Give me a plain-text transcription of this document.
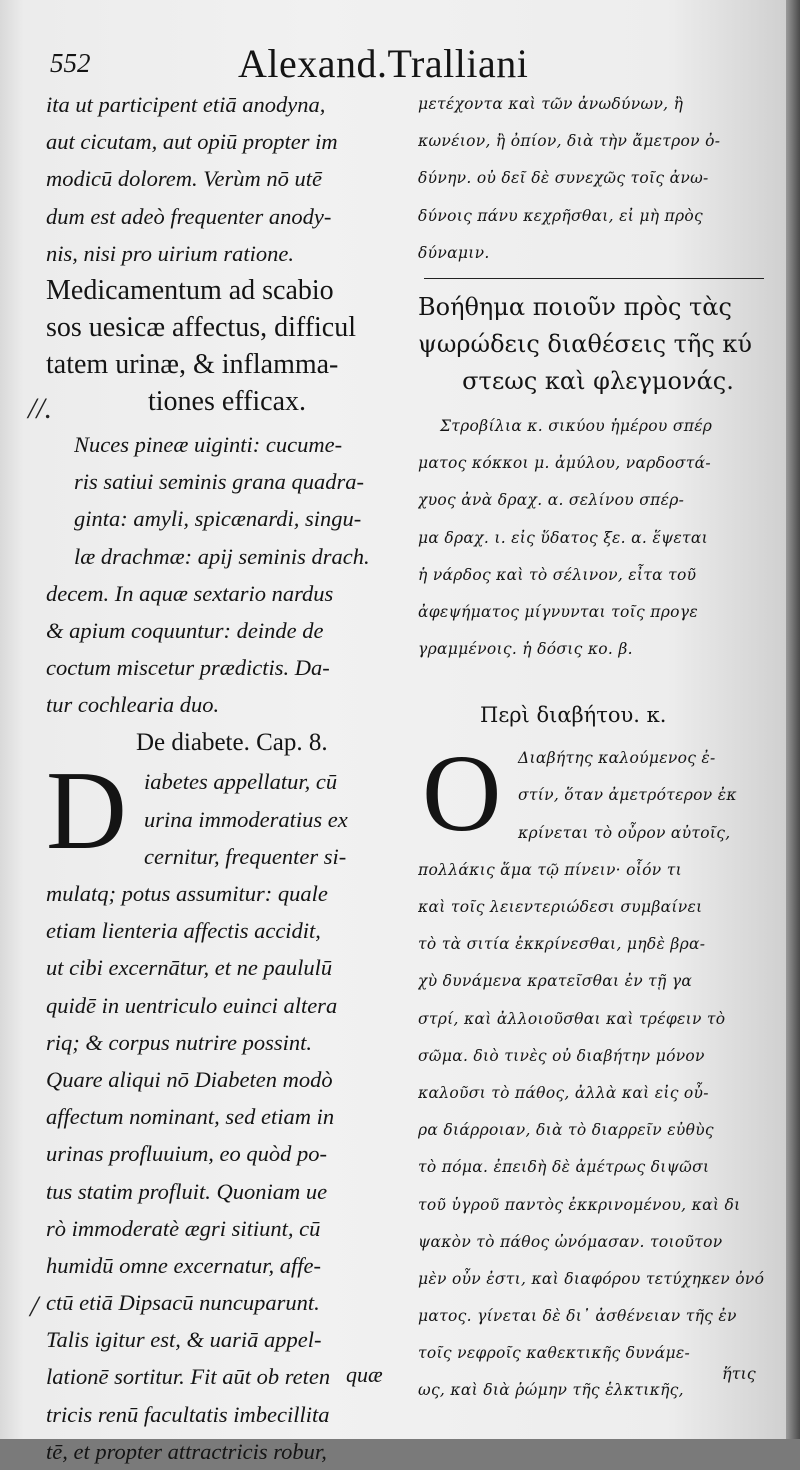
552	Alexand.Tralliani
ita ut participent etiā anodyna,
aut cicutam, aut opiū propter im
modicū dolorem. Verùm nō utē
dum est adeò frequenter anody-
nis, nisi pro uirium ratione.
Medicamentum ad scabio
sos uesicæ affectus, difficul
tatem urinæ, & inflamma-
tiones efficax.
Nuces pineæ uiginti: cucume-
ris satiui seminis grana quadra-
ginta: amyli, spicænardi, singu-
læ drachmæ: apij seminis drach.
decem. In aquæ sextario nardus
& apium coquuntur: deinde de
coctum miscetur prædictis. Da-
tur cochlearia duo.
De diabete. Cap. 8.
D iabetes appellatur, cū
urina immoderatius ex
cernitur, frequenter si-
mulatq; potus assumitur: quale
etiam lienteria affectis accidit,
ut cibi excernātur, et ne paululū
quidē in uentriculo euinci altera
riq; & corpus nutrire possint.
Quare aliqui nō Diabeten modò
affectum nominant, sed etiam in
urinas profluuium, eo quòd po-
tus statim profluit. Quoniam ue
rò immoderatè ægri sitiunt, cū
humidū omne excernatur, affe-
ctū etiā Dipsacū nuncuparunt.
Talis igitur est, & uariā appel-
lationē sortitur. Fit aūt ob reten
tricis renū facultatis imbecillita
tē, et propter attractricis robur,
//.
/
quæ
μετέχοντα καὶ τῶν ἀνωδύνων, ἢ
κωνέιον, ἢ ὀπίον, διὰ τὴν ἄμετρον ὀ-
δύνην. οὐ δεῖ δὲ συνεχῶς τοῖς ἀνω-
δύνοις πάνυ κεχρῆσθαι, εἰ μὴ πρὸς
δύναμιν.
Βοήθημα ποιοῦν πρὸς τὰς
ψωρώδεις διαθέσεις τῆς κύ
στεως καὶ φλεγμονάς.
Στροβίλια κ. σικύου ἡμέρου σπέρ
ματος κόκκοι μ. ἀμύλου, ναρδοστά-
χυος ἀνὰ δραχ. α. σελίνου σπέρ-
μα δραχ. ι. εἰς ὕδατος ξε. α. ἕψεται
ἡ νάρδος καὶ τὸ σέλινον, εἶτα τοῦ
ἀφεψήματος μίγνυνται τοῖς προγε
γραμμένοις. ἡ δόσις κο. β.
Περὶ διαβήτου. κ.
Ο	Διαβήτης καλούμενος ἐ-
στίν, ὅταν ἀμετρότερον ἐκ
κρίνεται τὸ οὖρον αὐτοῖς,
πολλάκις ἅμα τῷ πίνειν· οἷόν τι
καὶ τοῖς λειεντεριώδεσι συμβαίνει
τὸ τὰ σιτία ἐκκρίνεσθαι, μηδὲ βρα-
χὺ δυνάμενα κρατεῖσθαι ἐν τῇ γα
στρί, καὶ ἀλλοιοῦσθαι καὶ τρέφειν τὸ
σῶμα. διὸ τινὲς οὐ διαβήτην μόνον
καλοῦσι τὸ πάθος, ἀλλὰ καὶ εἰς οὖ-
ρα διάρροιαν, διὰ τὸ διαρρεῖν εὐθὺς
τὸ πόμα. ἐπειδὴ δὲ ἀμέτρως διψῶσι
τοῦ ὑγροῦ παντὸς ἐκκρινομένου, καὶ δι
ψακὸν τὸ πάθος ὠνόμασαν. τοιοῦτον
μὲν οὖν ἐστι, καὶ διαφόρου τετύχηκεν ὀνό
ματος. γίνεται δὲ δι᾽ ἀσθένειαν τῆς ἐν
τοῖς νεφροῖς καθεκτικῆς δυνάμε-
ως, καὶ διὰ ῥώμην τῆς ἑλκτικῆς,
ἥτις
